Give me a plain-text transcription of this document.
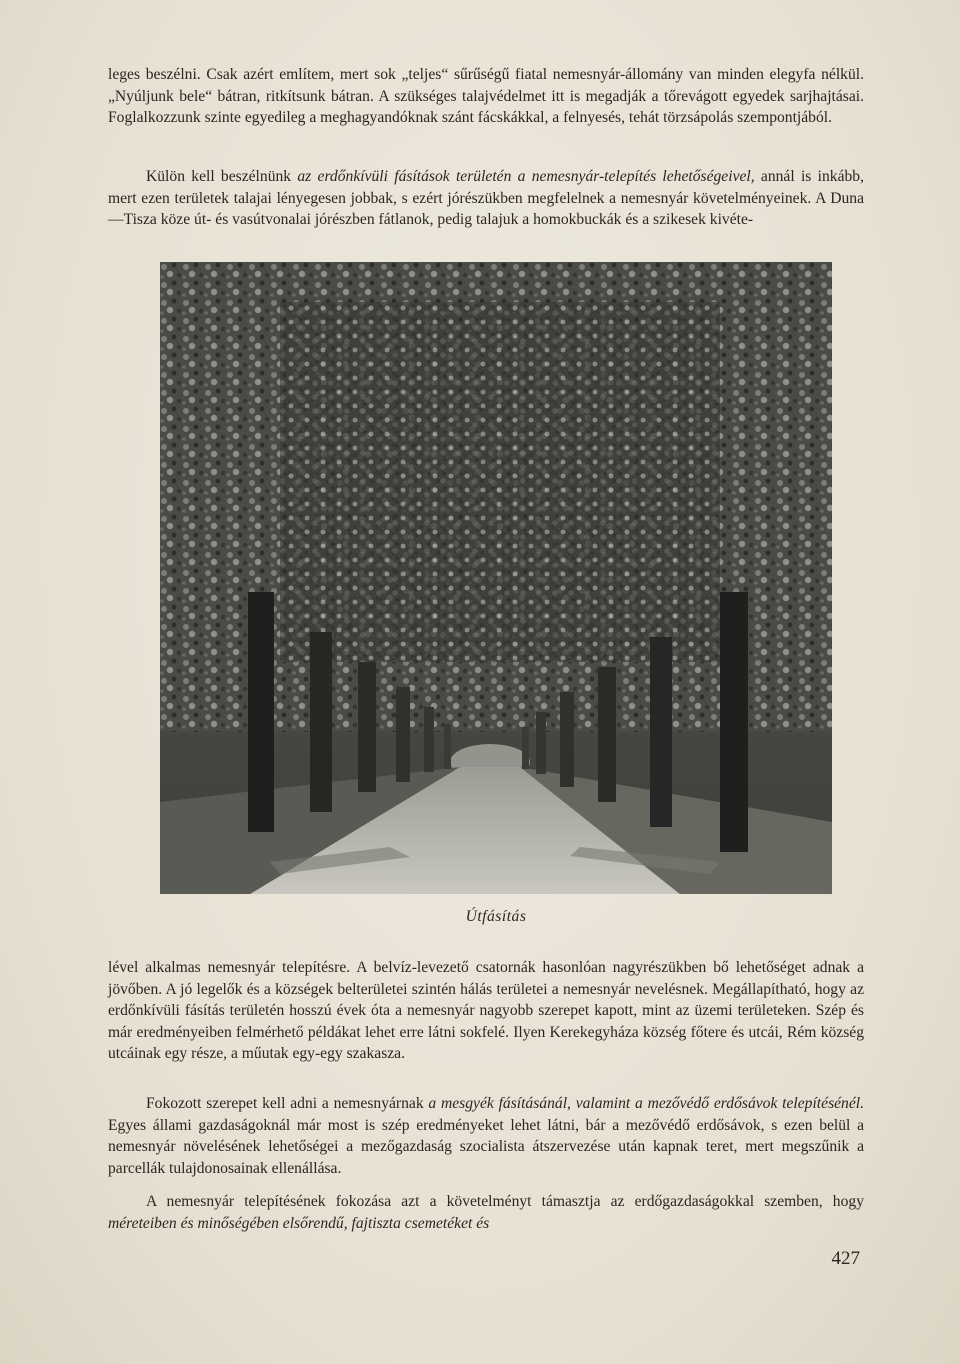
leges beszélni. Csak azért említem, mert sok „teljes“ sűrűségű fiatal nemesnyár-állomány van minden elegyfa nélkül. „Nyúljunk bele“ bátran, ritkítsunk bátran. A szükséges talajvédelmet itt is megadják a tőrevágott egyedek sarjhajtásai. Foglalkozzunk szinte egyedileg a meghagyandóknak szánt fácskákkal, a felnyesés, tehát törzsápolás szempontjából.

Külön kell beszélnünk az erdőnkívüli fásítások területén a nemesnyár-telepítés lehetőségeivel, annál is inkább, mert ezen területek talajai lényegesen jobbak, s ezért jórészükben megfelelnek a nemesnyár követelményeinek. A Duna—Tisza köze út- és vasútvonalai jórészben fátlanok, pedig talajuk a homokbuckák és a szikesek kivéte-

Útfásítás

lével alkalmas nemesnyár telepítésre. A belvíz-levezető csatornák hasonlóan nagyrészükben bő lehetőséget adnak a jövőben. A jó legelők és a községek belterületei szintén hálás területei a nemesnyár nevelésnek. Megállapítható, hogy az erdőnkívüli fásítás területén hosszú évek óta a nemesnyár nagyobb szerepet kapott, mint az üzemi területeken. Szép és már eredményeiben felmérhető példákat lehet erre látni sokfelé. Ilyen Kerekegyháza község főtere és utcái, Rém község utcáinak egy része, a műutak egy-egy szakasza.

Fokozott szerepet kell adni a nemesnyárnak a mesgyék fásításánál, valamint a mezővédő erdősávok telepítésénél. Egyes állami gazdaságoknál már most is szép eredményeket lehet látni, bár a mezővédő erdősávok, s ezen belül a nemesnyár növelésének lehetőségei a mezőgazdaság szocialista átszervezése után kapnak teret, mert megszűnik a parcellák tulajdonosainak ellenállása.

A nemesnyár telepítésének fokozása azt a követelményt támasztja az erdőgazdaságokkal szemben, hogy méreteiben és minőségében elsőrendű, fajtiszta csemetéket és

427
